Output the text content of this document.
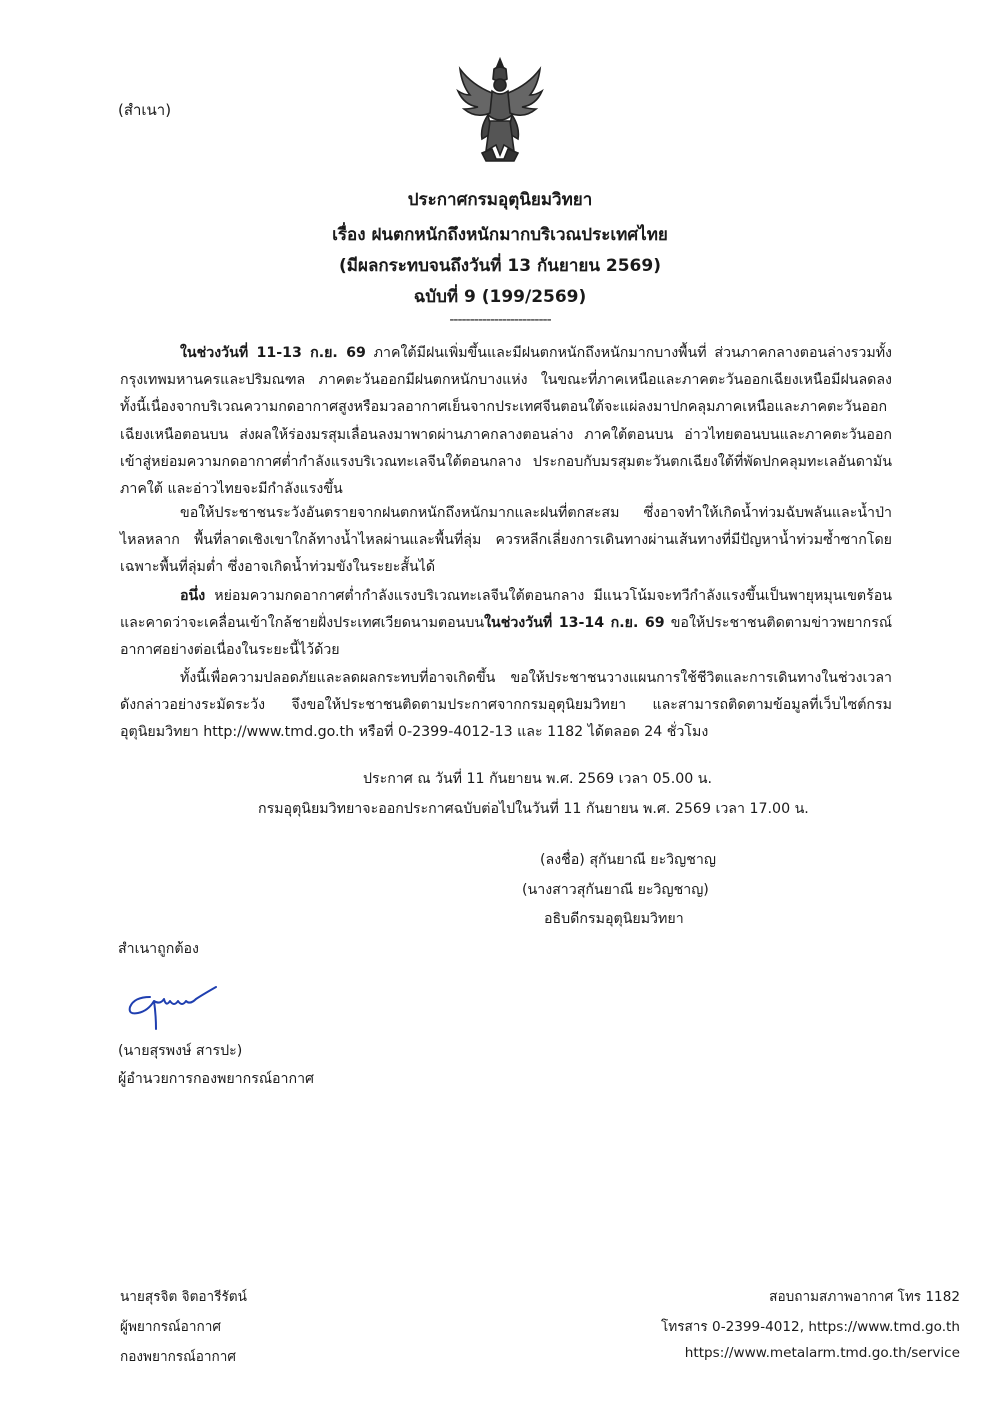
(สำเนา)
ประกาศกรมอุตุนิยมวิทยา
เรื่อง ฝนตกหนักถึงหนักมากบริเวณประเทศไทย
(มีผลกระทบจนถึงวันที่ 13 กันยายน 2569)
ฉบับที่ 9 (199/2569)
-------------------------
ในช่วงวันที่ 11-13 ก.ย. 69 ภาคใต้มีฝนเพิ่มขึ้นและมีฝนตกหนักถึงหนักมากบางพื้นที่ ส่วนภาคกลางตอนล่างรวมทั้งกรุงเทพมหานครและปริมณฑล ภาคตะวันออกมีฝนตกหนักบางแห่ง ในขณะที่ภาคเหนือและภาคตะวันออกเฉียงเหนือมีฝนลดลง ทั้งนี้เนื่องจากบริเวณความกดอากาศสูงหรือมวลอากาศเย็นจากประเทศจีนตอนใต้จะแผ่ลงมาปกคลุมภาคเหนือและภาคตะวันออกเฉียงเหนือตอนบน ส่งผลให้ร่องมรสุมเลื่อนลงมาพาดผ่านภาคกลางตอนล่าง ภาคใต้ตอนบน อ่าวไทยตอนบนและภาคตะวันออก เข้าสู่หย่อมความกดอากาศต่ำกำลังแรงบริเวณทะเลจีนใต้ตอนกลาง ประกอบกับมรสุมตะวันตกเฉียงใต้ที่พัดปกคลุมทะเลอันดามัน ภาคใต้ และอ่าวไทยจะมีกำลังแรงขึ้น
ขอให้ประชาชนระวังอันตรายจากฝนตกหนักถึงหนักมากและฝนที่ตกสะสม ซึ่งอาจทำให้เกิดน้ำท่วมฉับพลันและน้ำป่าไหลหลาก พื้นที่ลาดเชิงเขาใกล้ทางน้ำไหลผ่านและพื้นที่ลุ่ม ควรหลีกเลี่ยงการเดินทางผ่านเส้นทางที่มีปัญหาน้ำท่วมซ้ำซากโดยเฉพาะพื้นที่ลุ่มต่ำ ซึ่งอาจเกิดน้ำท่วมขังในระยะสั้นได้
อนึ่ง หย่อมความกดอากาศต่ำกำลังแรงบริเวณทะเลจีนใต้ตอนกลาง มีแนวโน้มจะทวีกำลังแรงขึ้นเป็นพายุหมุนเขตร้อนและคาดว่าจะเคลื่อนเข้าใกล้ชายฝั่งประเทศเวียดนามตอนบนในช่วงวันที่ 13-14 ก.ย. 69 ขอให้ประชาชนติดตามข่าวพยากรณ์อากาศอย่างต่อเนื่องในระยะนี้ไว้ด้วย
ทั้งนี้เพื่อความปลอดภัยและลดผลกระทบที่อาจเกิดขึ้น ขอให้ประชาชนวางแผนการใช้ชีวิตและการเดินทางในช่วงเวลาดังกล่าวอย่างระมัดระวัง จึงขอให้ประชาชนติดตามประกาศจากกรมอุตุนิยมวิทยา และสามารถติดตามข้อมูลที่เว็บไซต์กรมอุตุนิยมวิทยา http://www.tmd.go.th หรือที่ 0-2399-4012-13 และ 1182 ได้ตลอด 24 ชั่วโมง
ประกาศ ณ วันที่ 11 กันยายน พ.ศ. 2569 เวลา 05.00 น.
กรมอุตุนิยมวิทยาจะออกประกาศฉบับต่อไปในวันที่ 11 กันยายน พ.ศ. 2569 เวลา 17.00 น.
(ลงชื่อ) สุกันยาณี ยะวิญชาญ
(นางสาวสุกันยาณี ยะวิญชาญ)
อธิบดีกรมอุตุนิยมวิทยา
สำเนาถูกต้อง
(นายสุรพงษ์ สารปะ)
ผู้อำนวยการกองพยากรณ์อากาศ
นายสุรจิต จิตอารีรัตน์
ผู้พยากรณ์อากาศ
กองพยากรณ์อากาศ
สอบถามสภาพอากาศ โทร 1182
โทรสาร 0-2399-4012, https://www.tmd.go.th
https://www.metalarm.tmd.go.th/service
